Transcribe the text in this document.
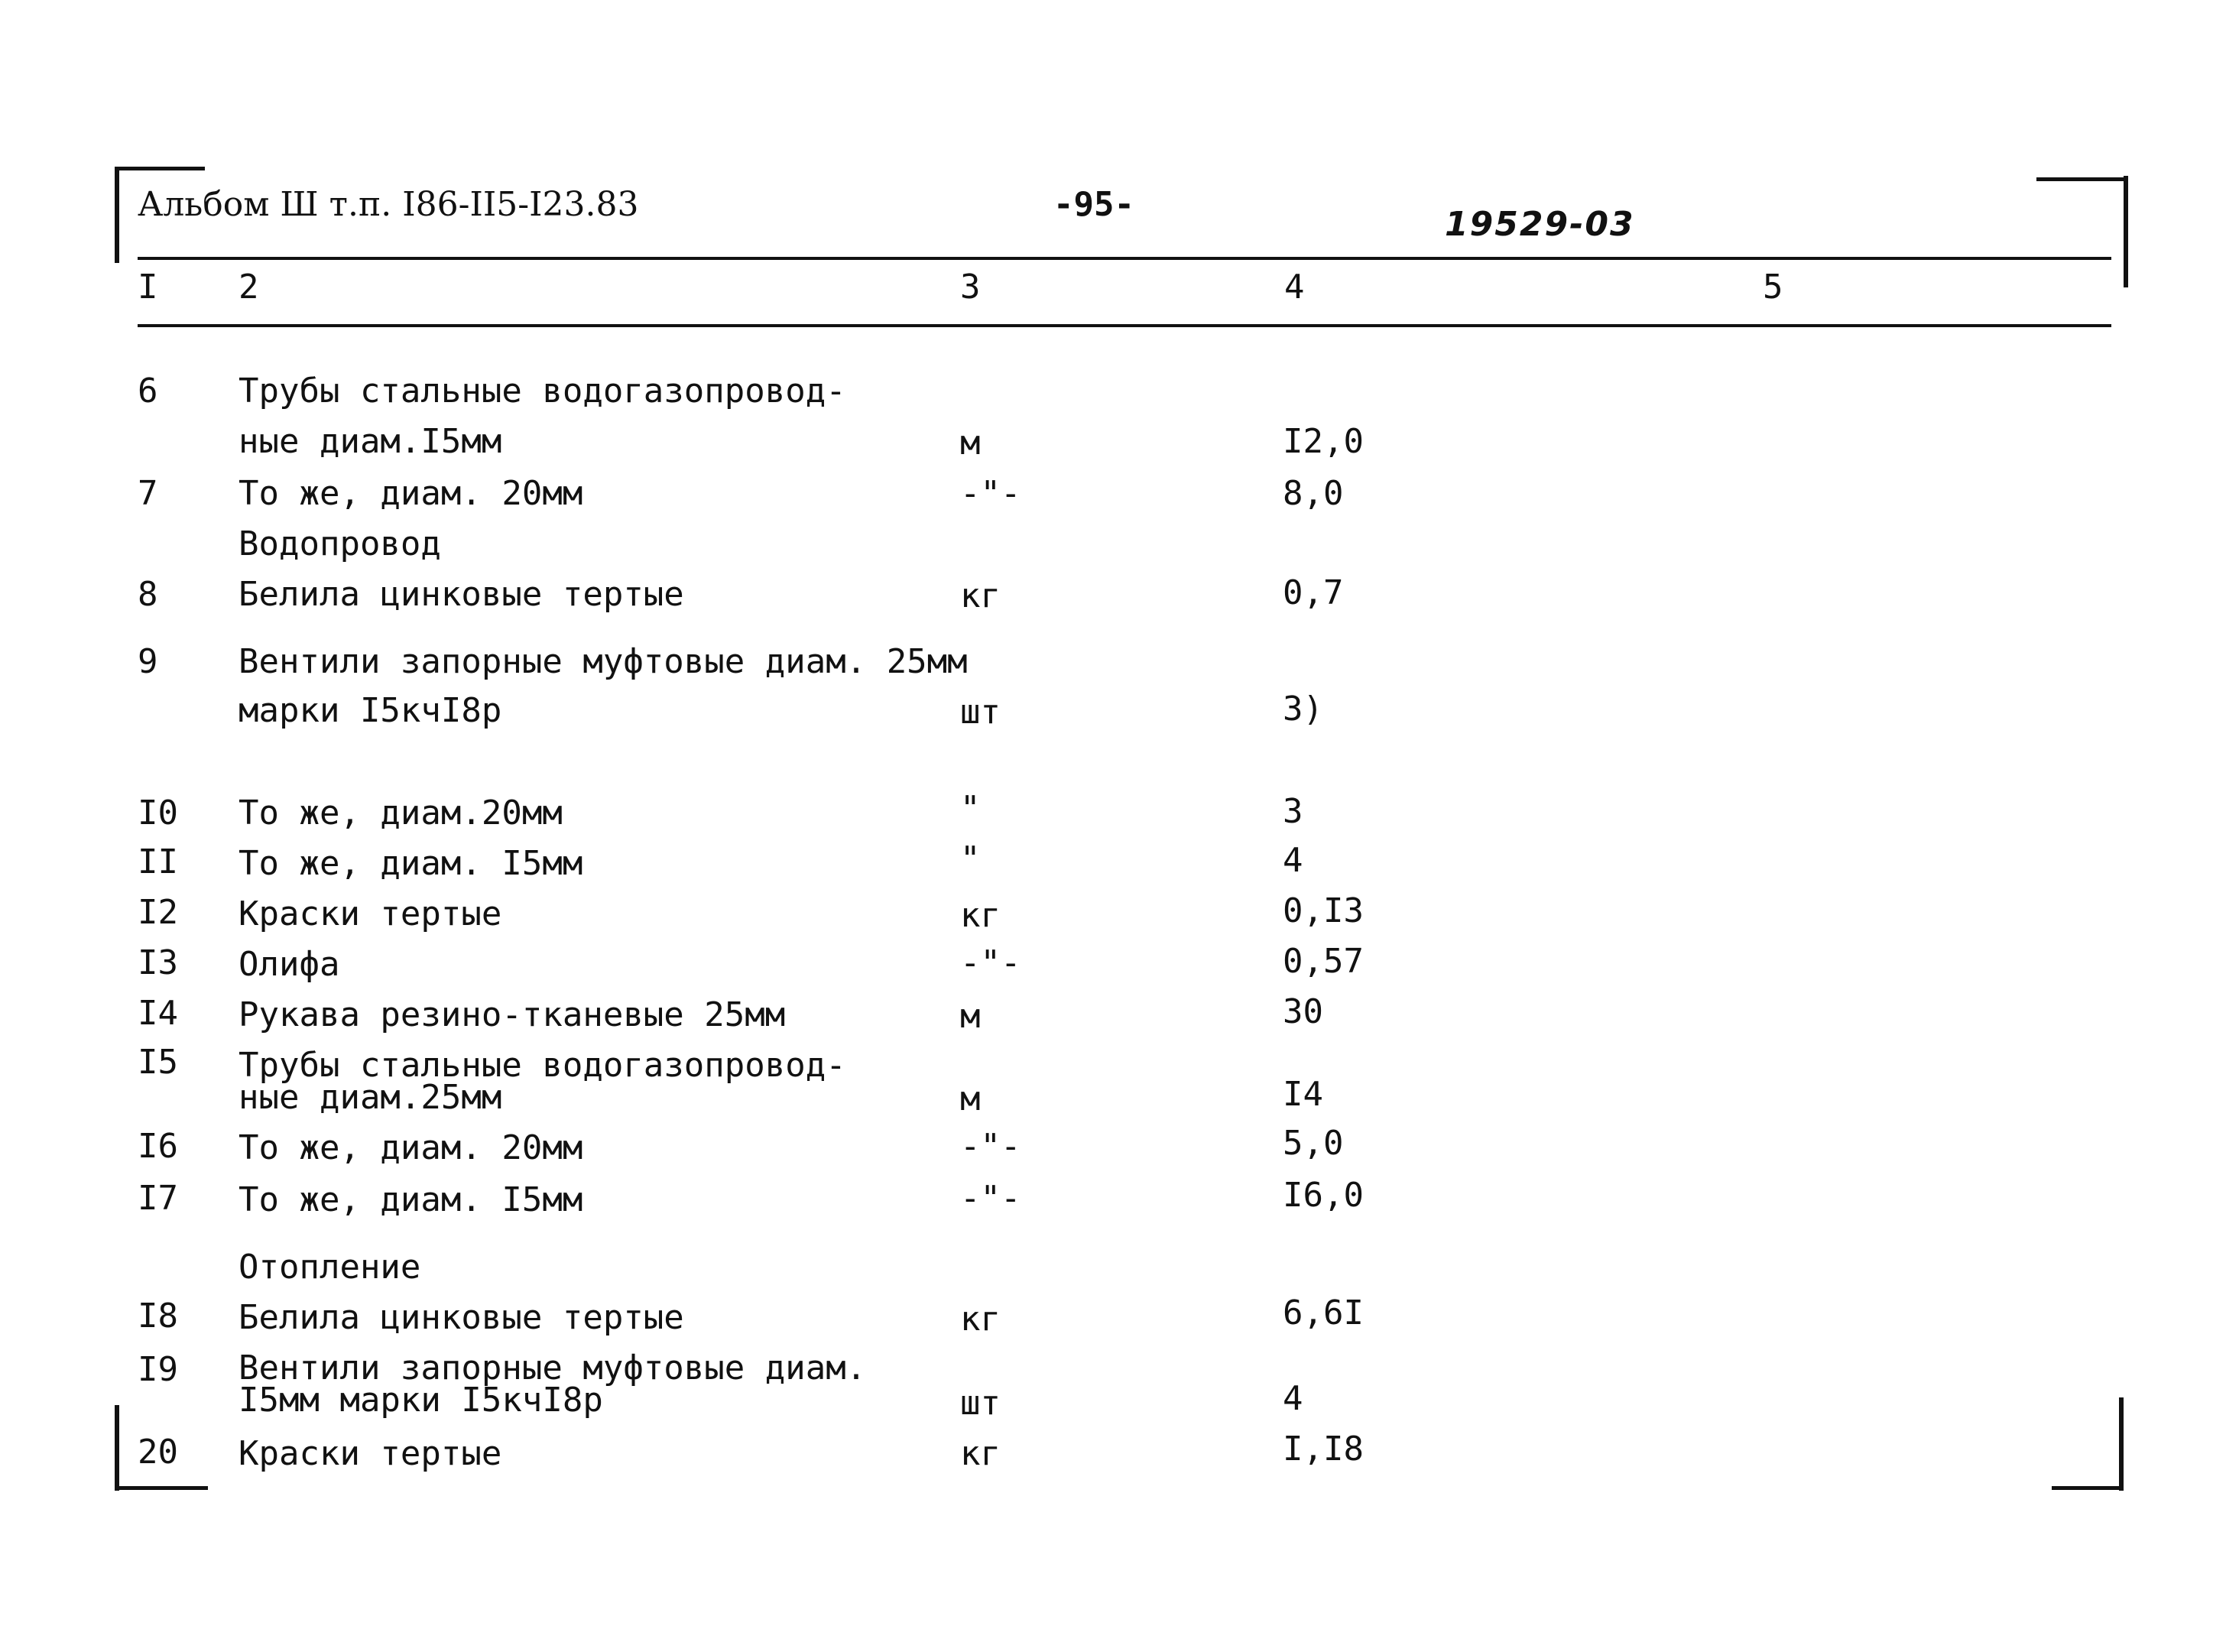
Альбом Ш т.п. I86-II5-I23.83	-95-
19529-03
I 2	3	4	5
6 Трубы стальные водогазопровод-
ные диам.I5мм	м	I2,0
7 То же, диам. 20мм	-"-	8,0
Водопровод
8 Белила цинковые тертые	кг	0,7
9 Вентили запорные муфтовые диам. 25мм
марки I5кчI8р	шт	3)
I0 То же, диам.20мм	"	3
II То же, диам. I5мм	"	4
I2 Краски тертые	кг	0,I3
I3 Олифа	-"-	0,57
I4 Рукава резино-тканевые 25мм	м	30
I5 Трубы стальные водогазопровод-
ные диам.25мм	м	I4
I6 То же, диам. 20мм	-"-	5,0
I7 То же, диам. I5мм	-"-	I6,0
Отопление
I8 Белила цинковые тертые	кг	6,6I
I9 Вентили запорные муфтовые диам.
I5мм марки I5кчI8р	шт	4
20 Краски тертые	кг	I,I8
